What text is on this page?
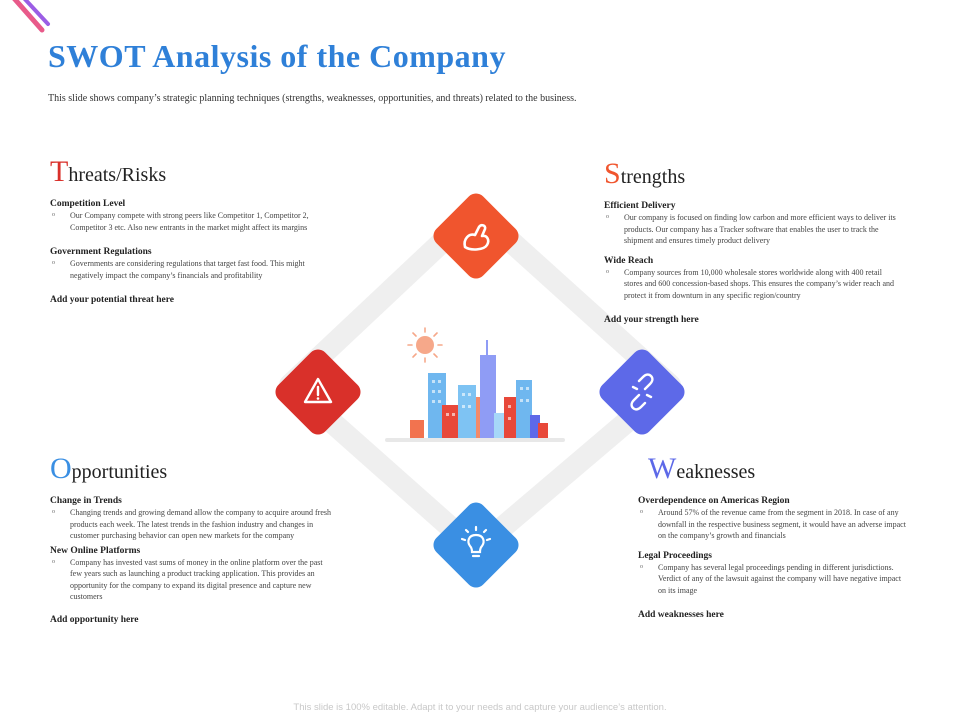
SWOT Analysis of the Company
This slide shows company’s strategic planning techniques (strengths, weaknesses, opportunities, and threats) related to the business.
Threats/Risks
Competition Level
o	Our Company compete with strong peers like Competitor 1, Competitor 2, Competitor 3 etc. Also new entrants in the market might affect its margins
Government Regulations
o	Governments are considering regulations that target fast food. This might negatively impact the company’s financials and profitability
Add your potential threat here
Strengths
Efficient Delivery
o	Our company is focused on finding low carbon and more efficient ways to deliver its products. Our company has a Tracker software that enables the user to track the shipment and ensures timely product delivery
Wide Reach
o	Company sources from 10,000 wholesale stores worldwide along with 400 retail stores and 600 concession-based shops. This ensures the company’s wider reach and protect it from downturn in any specific region/country
Add your strength here
Opportunities
Change in Trends
o	Changing trends and growing demand allow the company to acquire around fresh products each week. The latest trends in the fashion industry and changes in customer purchasing behavior can open new markets for the company
New Online Platforms
o	Company has invested vast sums of money in the online platform over the past few years such as launching a product tracking application. This provides an opportunity for the company to expand its digital presence and capture new customers
Add opportunity here
Weaknesses
Overdependence on Americas Region
o	Around 57% of the revenue came from the segment in 2018. In case of any downfall in the respective business segment, it would have an adverse impact on the company’s growth and financials
Legal Proceedings
o	Company has several legal proceedings pending in different jurisdictions. Verdict of any of the lawsuit against the company will have negative impact on its image
Add weaknesses here
This slide is 100% editable. Adapt it to your needs and capture your audience’s attention.
